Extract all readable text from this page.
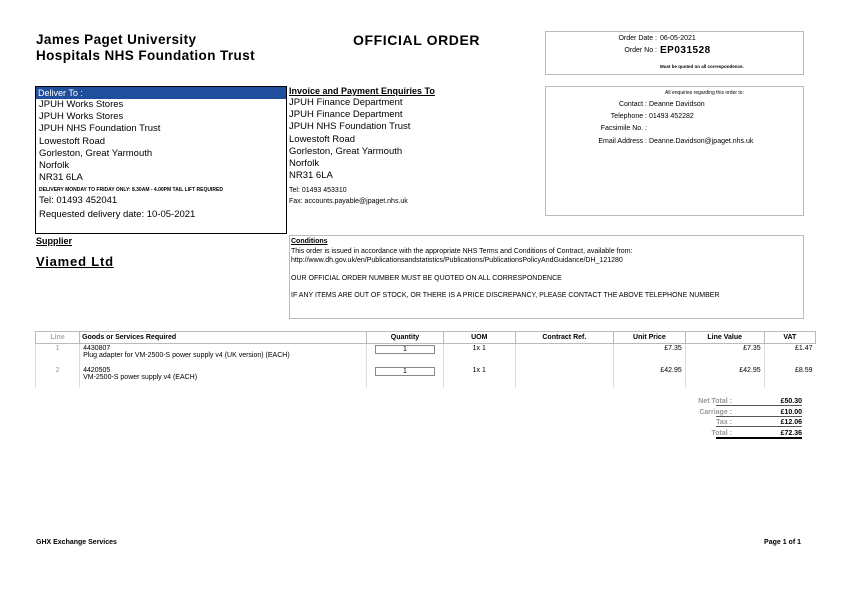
James Paget University
Hospitals NHS Foundation Trust
OFFICIAL ORDER	Order Date : 06-05-2021
Order No : EP031528
Must be quoted on all correspondence.
Deliver To :
JPUH Works Stores
JPUH Works Stores
JPUH NHS Foundation Trust
Lowestoft Road
Gorleston, Great Yarmouth
Norfolk
NR31 6LA
DELIVERY MONDAY TO FRIDAY ONLY: 8.30AM - 4.00PM TAIL LIFT REQUIRED
Tel: 01493 452041
Requested delivery date: 10-05-2021
Invoice and Payment Enquiries To
JPUH Finance Department
JPUH Finance Department
JPUH NHS Foundation Trust
Lowestoft Road
Gorleston, Great Yarmouth
Norfolk
NR31 6LA
Tel: 01493 453310
Fax: accounts.payable@jpaget.nhs.uk
All enquiries regarding this order to:
Contact : Deanne Davidson
Telephone : 01493 452282
Facsimile No. :
Email Address : Deanne.Davidson@jpaget.nhs.uk
Supplier
Viamed Ltd
Conditions

This order is issued in accordance with the appropriate NHS Terms and Conditions of Contract, available from: http://www.dh.gov.uk/en/Publicationsandstatistics/Publications/PublicationsPolicyAndGuidance/DH_121280

OUR OFFICIAL ORDER NUMBER MUST BE QUOTED ON ALL CORRESPONDENCE

IF ANY ITEMS ARE OUT OF STOCK, OR THERE IS A PRICE DISCREPANCY, PLEASE CONTACT THE ABOVE TELEPHONE NUMBER

Line	Goods or Services Required	Quantity	UOM	Contract Ref.	Unit Price	Line Value	VAT
1	4430807
Plug adapter for VM-2500-S power supply v4 (UK version) (EACH)	1	1x 1		£7.35	£7.35	£1.47
2	4420505
VM-2500-S power supply v4 (EACH)	1	1x 1		£42.95	£42.95	£8.59
Net Total :	£50.30
Carriage :	£10.00
Tax :	£12.06
Total :	£72.36
GHX Exchange Services	Page 1 of 1
